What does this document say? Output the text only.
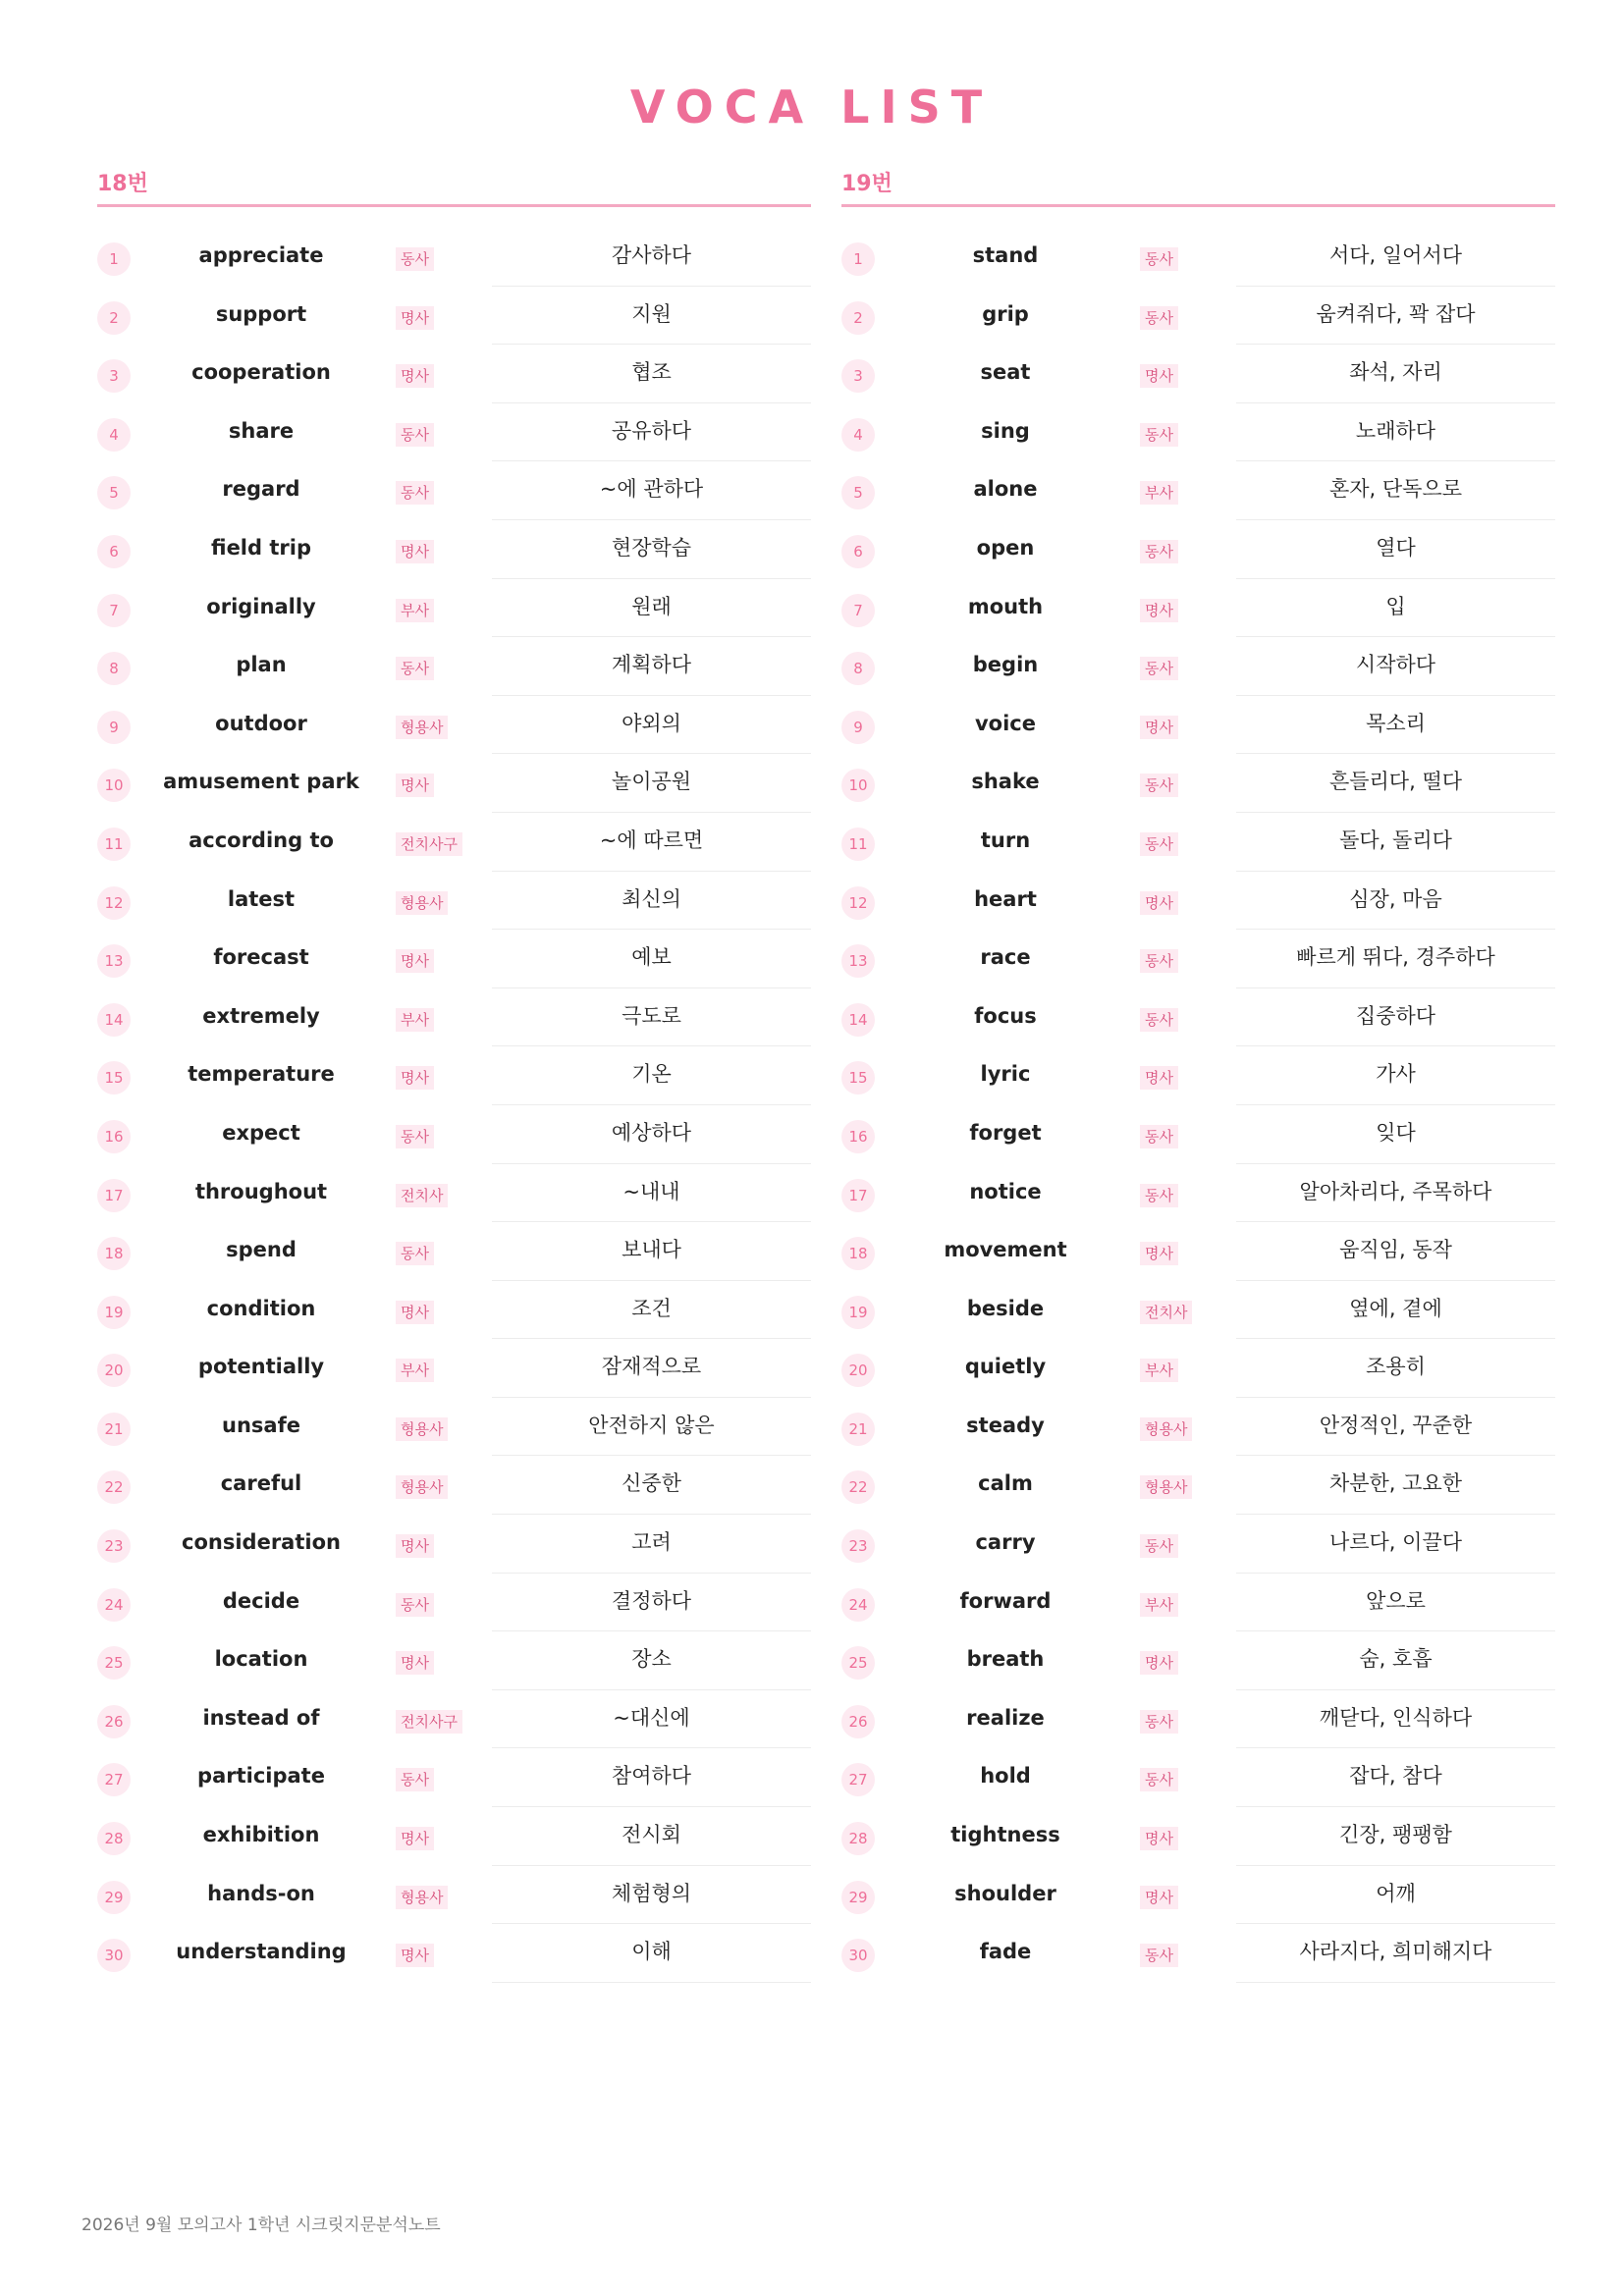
VOCA LIST
18번
1	appreciate	동사	감사하다
2	support	명사	지원
3	cooperation	명사	협조
4	share	동사	공유하다
5	regard	동사	~에 관하다
6	field trip	명사	현장학습
7	originally	부사	원래
8	plan	동사	계획하다
9	outdoor	형용사	야외의
10	amusement park	명사	놀이공원
11	according to	전치사구	~에 따르면
12	latest	형용사	최신의
13	forecast	명사	예보
14	extremely	부사	극도로
15	temperature	명사	기온
16	expect	동사	예상하다
17	throughout	전치사	~내내
18	spend	동사	보내다
19	condition	명사	조건
20	potentially	부사	잠재적으로
21	unsafe	형용사	안전하지 않은
22	careful	형용사	신중한
23	consideration	명사	고려
24	decide	동사	결정하다
25	location	명사	장소
26	instead of	전치사구	~대신에
27	participate	동사	참여하다
28	exhibition	명사	전시회
29	hands-on	형용사	체험형의
30	understanding	명사	이해
19번
1	stand	동사	서다, 일어서다
2	grip	동사	움켜쥐다, 꽉 잡다
3	seat	명사	좌석, 자리
4	sing	동사	노래하다
5	alone	부사	혼자, 단독으로
6	open	동사	열다
7	mouth	명사	입
8	begin	동사	시작하다
9	voice	명사	목소리
10	shake	동사	흔들리다, 떨다
11	turn	동사	돌다, 돌리다
12	heart	명사	심장, 마음
13	race	동사	빠르게 뛰다, 경주하다
14	focus	동사	집중하다
15	lyric	명사	가사
16	forget	동사	잊다
17	notice	동사	알아차리다, 주목하다
18	movement	명사	움직임, 동작
19	beside	전치사	옆에, 곁에
20	quietly	부사	조용히
21	steady	형용사	안정적인, 꾸준한
22	calm	형용사	차분한, 고요한
23	carry	동사	나르다, 이끌다
24	forward	부사	앞으로
25	breath	명사	숨, 호흡
26	realize	동사	깨닫다, 인식하다
27	hold	동사	잡다, 참다
28	tightness	명사	긴장, 팽팽함
29	shoulder	명사	어깨
30	fade	동사	사라지다, 희미해지다
2026년 9월 모의고사 1학년 시크릿지문분석노트
